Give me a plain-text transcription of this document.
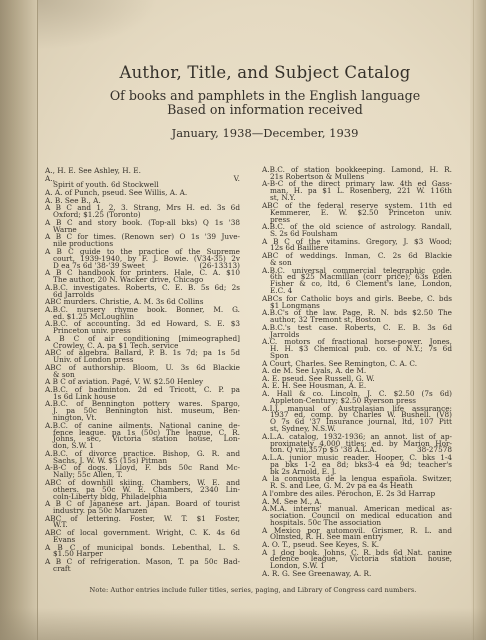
Author, Title, and Subject Catalog
Of books and pamphlets in the English language
Based on information received
January, 1938—December, 1939
A., H. E. See Ashley, H. E.
A., V.
Spirit of youth. 6d Stockwell
A. A. of Punch, pseud. See Willis, A. A.
A. B. See B., A.
A B C and 1, 2, 3. Strang, Mrs H. ed. 3s 6d
Oxford; $1.25 (Toronto)
A B C and story book. (Top-all bks) Q 1s '38
Warne
A B C for times. (Renown ser) O 1s '39 Juve-
nile productions
A B C guide to the practice of the Supreme
court, 1939-1940, by F. J. Bowie. (V34-35) 2v
D ea 7s 6d '38-'39 Sweet	(26-13313)
A B C handbook for printers. Hale, C. A. $10
The author, 20 N. Wacker drive, Chicago
A.B.C. investigates. Roberts, C. E. B. 5s 6d; 2s
6d Jarrolds
ABC murders. Christie, A. M. 3s 6d Collins
A.B.C. nursery rhyme book. Bonner, M. G.
ed. $1.25 McLoughlin
A.B.C. of accounting. 3d ed Howard, S. E. $3
Princeton univ. press
A B C of air conditioning [mimeographed]
Crowley, C. A. pa $1 Tech. service
ABC of algebra. Ballard, P. B. 1s 7d; pa 1s 5d
Univ. of London press
ABC of authorship. Bloom, U. 3s 6d Blackie
& son
A B C of aviation. Pagé, V. W. $2.50 Henley
A.B.C. of badminton. 2d ed Tricott, C. P. pa
1s 6d Link house
A.B.C. of Bennington pottery wares. Spargo,
J. pa 50c Bennington hist. museum, Ben-
nington, Vt.
A.B.C. of canine ailments. National canine de-
fence league. pa 1s (50c) The league, C. R.
Johns, sec, Victoria station house, Lon-
don, S.W. 1
A.B.C. of divorce practice. Bishop, G. R. and
Sachs, J. W. W. $5 (15s) Pitman
A-B-C of dogs. Lloyd, F. bds 50c Rand Mc-
Nally; 55c Allen, T.
ABC of downhill skiing. Chambers, W. E. and
others. pa 50c W. E. Chambers, 2340 Lin-
coln-Liberty bldg, Philadelphia
A B C of Japanese art. Japan. Board of tourist
industry. pa 50c Maruzen
ABC of lettering. Foster, W. T. $1 Foster,
W.T.
ABC of local government. Wright, C. K. 4s 6d
Evans
A B C of municipal bonds. Lebenthal, L. S.
$1.50 Harper
A B C of refrigeration. Mason, T. pa 50c Bad-
craft
A.B.C. of station bookkeeping. Lamond, H. R.
21s Robertson & Mullens
A-B-C of the direct primary law. 4th ed Gass-
man, H. pa $1 L. Rosenberg, 221 W. 116th
st, N.Y.
ABC of the federal reserve system. 11th ed
Kemmerer, E. W. $2.50 Princeton univ.
press
A.B.C. of the old science of astrology. Randall,
S. 2s 6d Foulsham
A B C of the vitamins. Gregory, J. $3 Wood;
12s 6d Baillière
ABC of weddings. Inman, C. 2s 6d Blackie
& son
A.B.C. universal commercial telegraphic code.
6th ed $25 Macmillan (corr price); 63s Eden
Fisher & co, ltd, 6 Clement's lane, London,
E.C. 4
ABCs for Catholic boys and girls. Beebe, C. bds
$1 Longmans
A.B.C's of the law. Page, R. N. bds $2.50 The
author, 32 Tremont st, Boston
A.B.C.'s test case. Roberts, C. E. B. 3s 6d
Jarrolds
A.C. motors of fractional horse-power. Jones,
H. H. $3 Chemical pub. co. of N.Y.; 7s 6d
Spon
A Court, Charles. See Remington, C. A. C.
A. de M. See Lyals, A. de M.
A. E. pseud. See Russell, G. W.
A. E. H. See Housman, A. E.
A. Hall & co. Lincoln, J. C. $2.50 (7s 6d)
Appleton-Century; $2.50 Ryerson press
A.I.J. manual of Australasian life assurance:
1937 ed, comp. by Charles W. Bushell. (V8)
O 7s 6d '37 Insurance journal, ltd, 107 Pitt
st, Sydney, N.S.W.
A.L.A. catalog, 1932-1936; an annot. list of ap-
proximately 4,000 titles; ed. by Marion Hor-
ton. Q viii,357p $5 '38 A.L.A.	38-27578
A.L.A. junior music reader. Hooper, C. bks 1-4
pa bks 1-2 ea 8d; bks3-4 ea 9d; teacher's
bk 2s Arnold, E. J.
A la conquista de la lengua española. Switzer,
R. S. and Lee, G. M. 2v pa ea 4s Heath
A l'ombre des ailes. Pérochon, E. 2s 3d Harrap
A. M. See M., A.
A.M.A. interns' manual. American medical as-
sociation. Council on medical education and
hospitals. 50c The association
A Mexico por automovil. Grismer, R. L. and
Olmsted, R. H. See main entry
A. O. T., pseud. See Keyes, S. K.
A 1 dog book. Johns, C. R. bds 6d Nat. canine
defence league, Victoria station house,
London, S.W. 1
A. R. G. See Greenaway, A. R.
Note: Author entries include fuller titles, series, paging, and Library of Congress card numbers.
